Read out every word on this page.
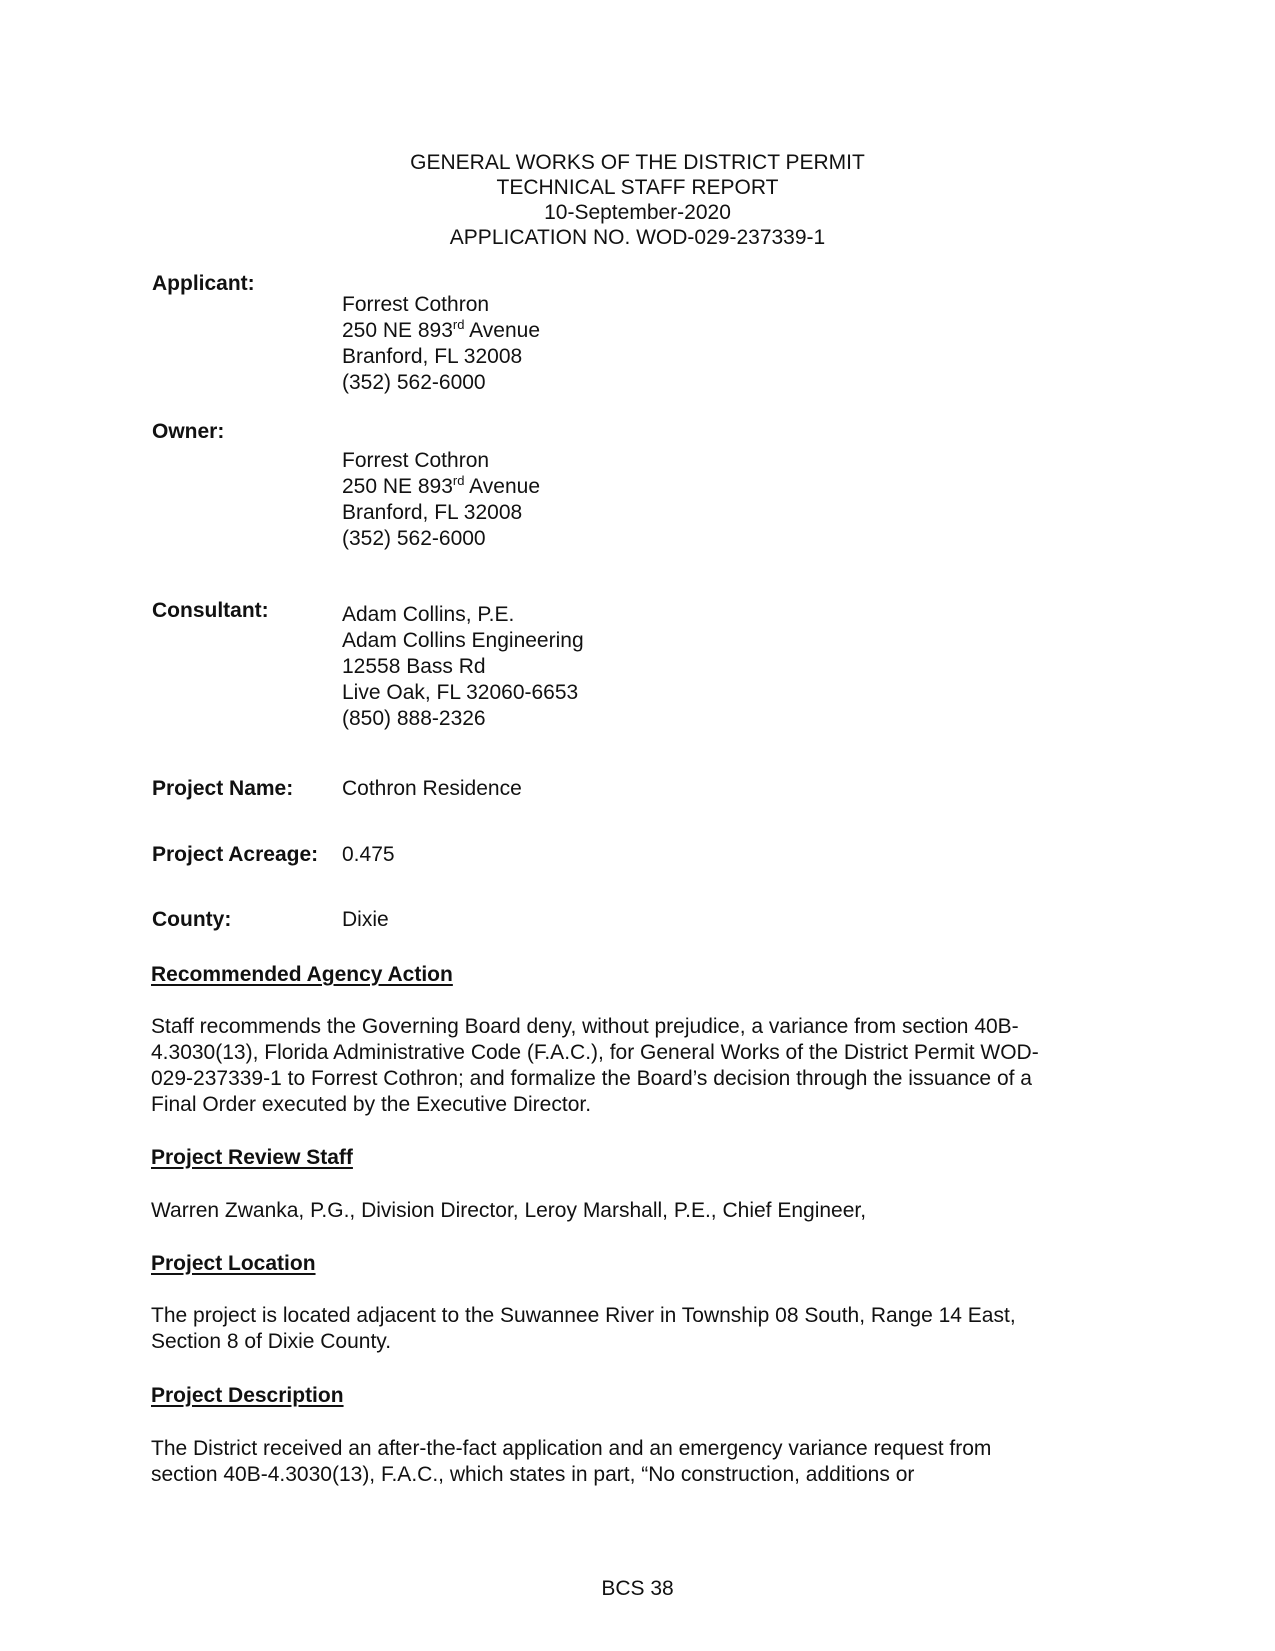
GENERAL WORKS OF THE DISTRICT PERMIT
TECHNICAL STAFF REPORT
10-September-2020
APPLICATION NO. WOD-029-237339-1
Applicant:
Forrest Cothron
250 NE 893rd Avenue
Branford, FL 32008
(352) 562-6000
Owner:
Forrest Cothron
250 NE 893rd Avenue
Branford, FL 32008
(352) 562-6000
Consultant:	Adam Collins, P.E.
Adam Collins Engineering
12558 Bass Rd
Live Oak, FL 32060-6653
(850) 888-2326
Project Name: Cothron Residence
Project Acreage: 0.475
County:	Dixie
Recommended Agency Action
Staff recommends the Governing Board deny, without prejudice, a variance from section 40B-
4.3030(13), Florida Administrative Code (F.A.C.), for General Works of the District Permit WOD-
029-237339-1 to Forrest Cothron; and formalize the Board’s decision through the issuance of a
Final Order executed by the Executive Director.
Project Review Staff
Warren Zwanka, P.G., Division Director, Leroy Marshall, P.E., Chief Engineer,
Project Location
The project is located adjacent to the Suwannee River in Township 08 South, Range 14 East,
Section 8 of Dixie County.
Project Description
The District received an after-the-fact application and an emergency variance request from
section 40B-4.3030(13), F.A.C., which states in part, “No construction, additions or
BCS 38
